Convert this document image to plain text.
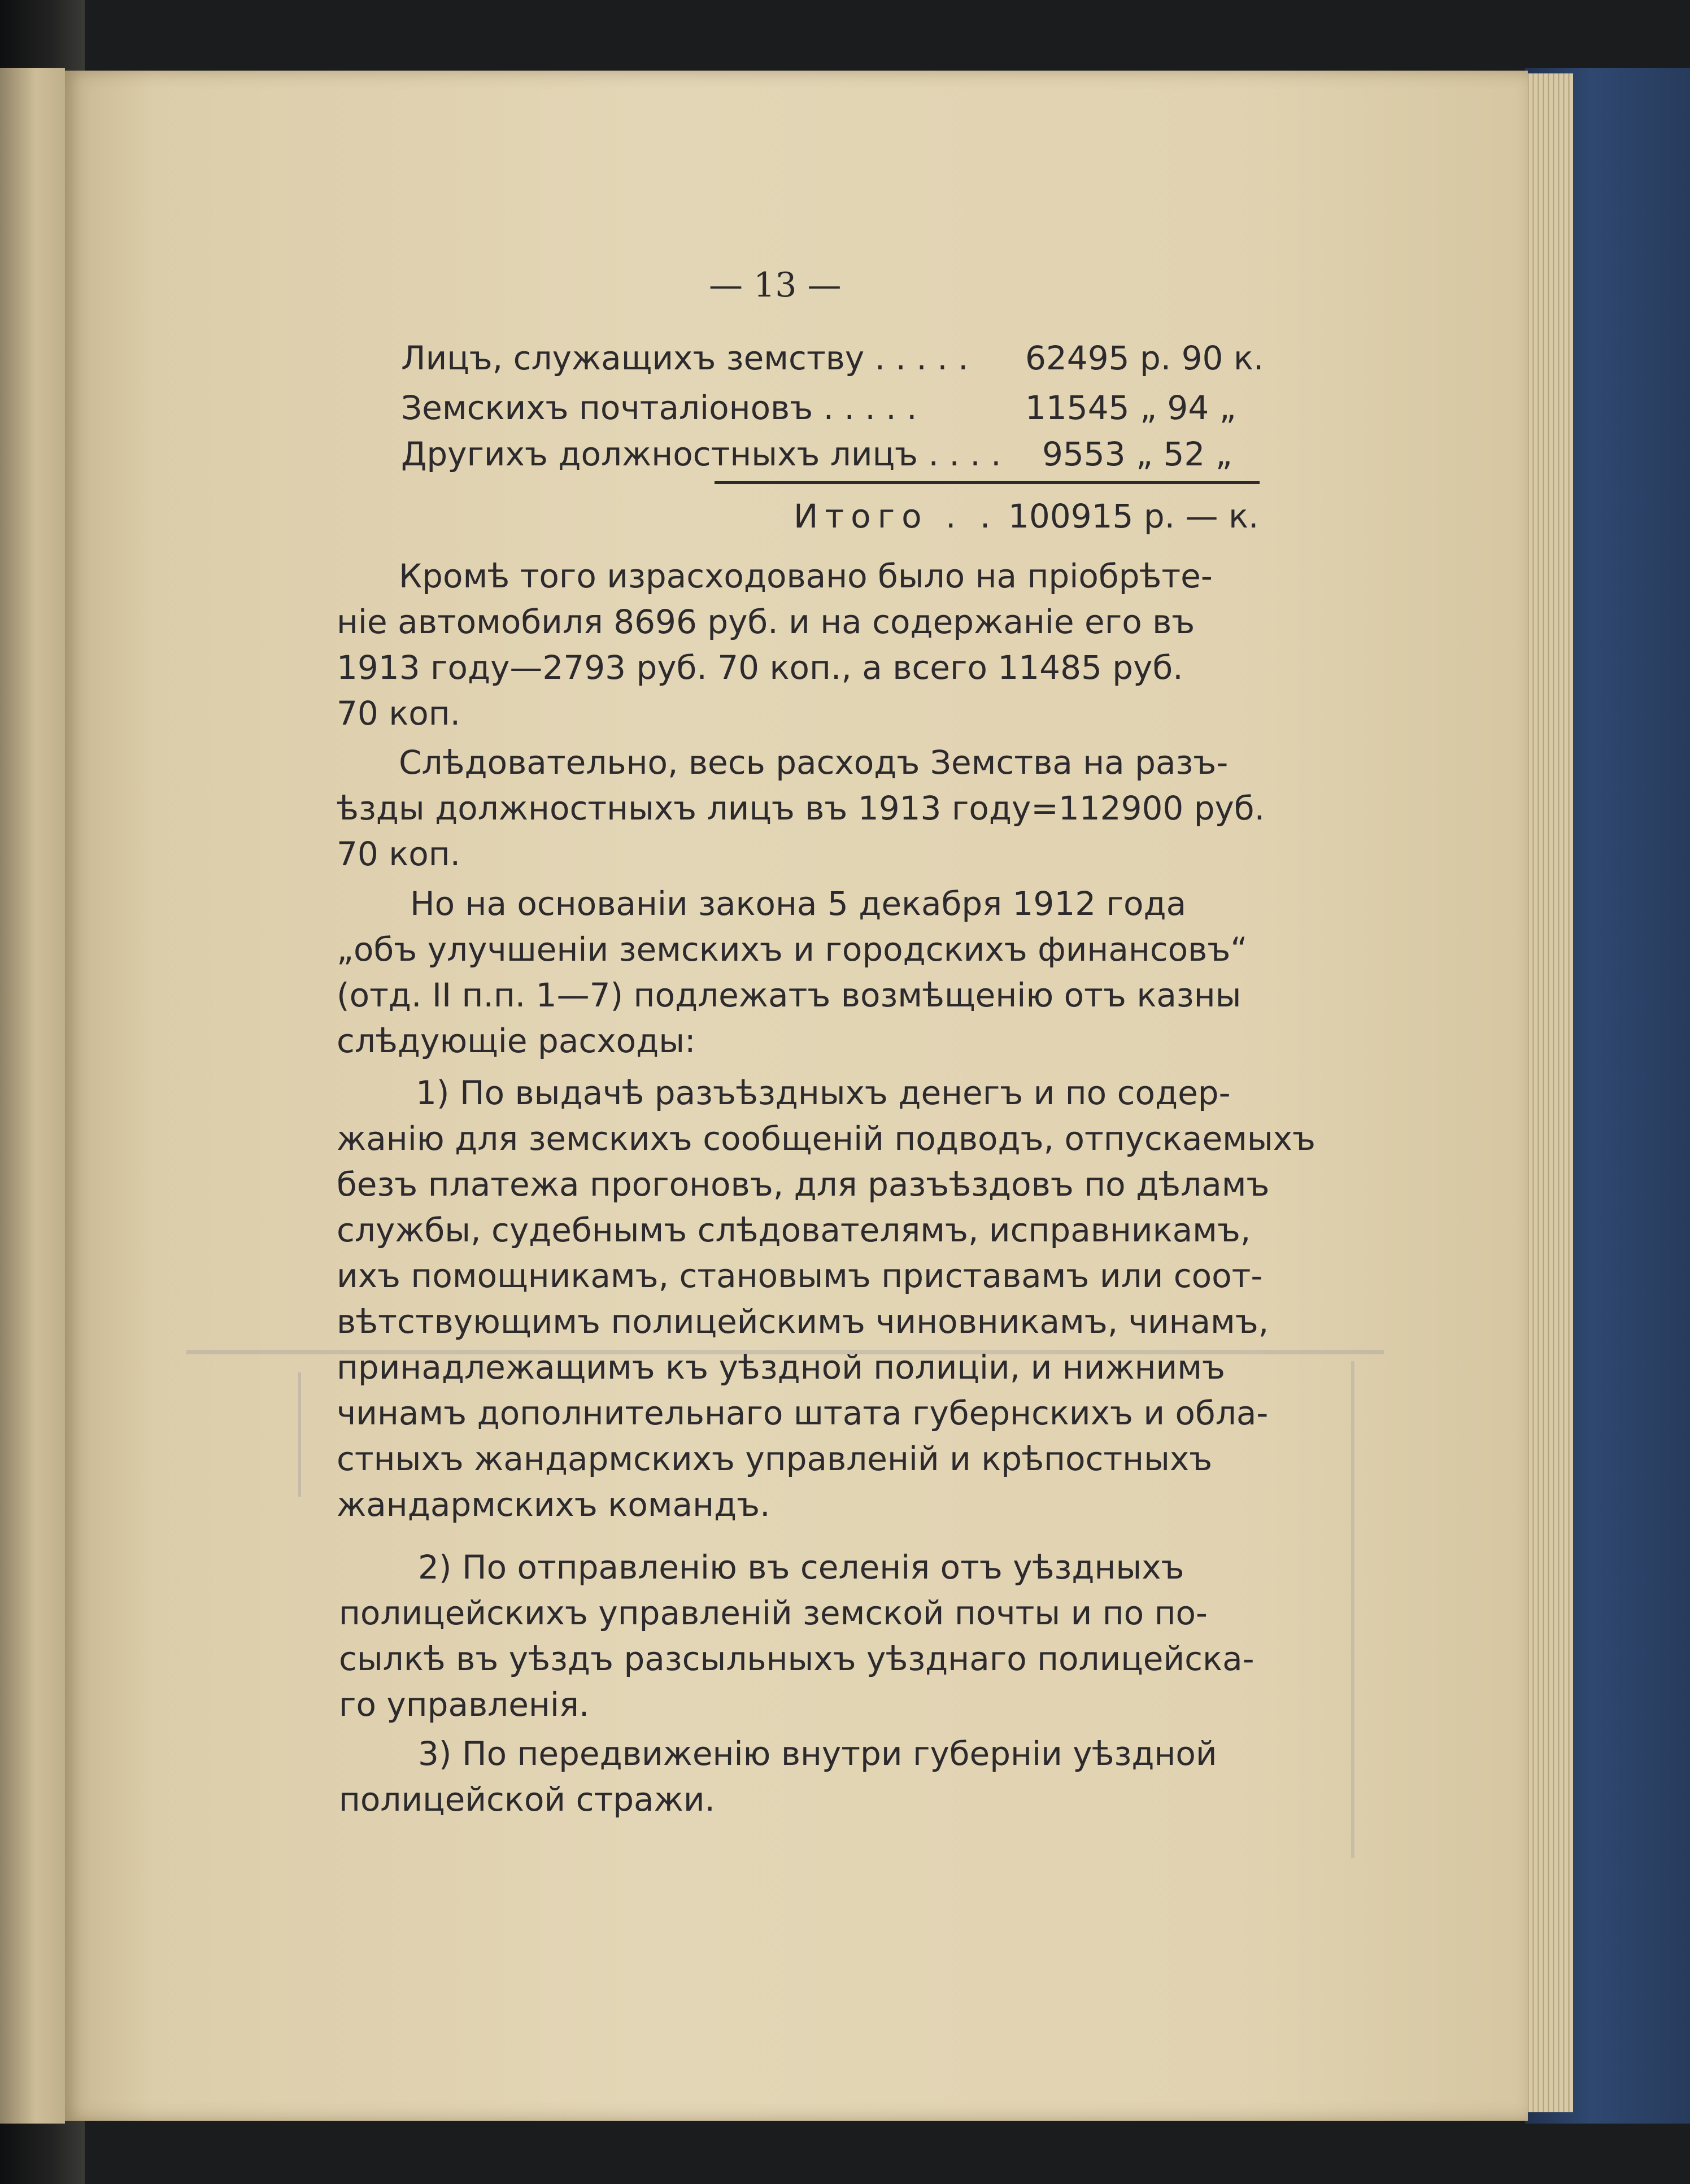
— 13 —
Лицъ, служащихъ земству . . . . . 62495 р. 90 к.
Земскихъ почталіоновъ . . . . .	11545 „ 94 „
Другихъ должностныхъ лицъ . . . . 9553 „ 52 „
Итого . . 100915 р. — к.
Кромѣ того израсходовано было на пріобрѣте-
ніе автомобиля 8696 руб. и на содержаніе его въ
1913 году—2793 руб. 70 коп., а всего 11485 руб.
70 коп.
Слѣдовательно, весь расходъ Земства на разъ-
ѣзды должностныхъ лицъ въ 1913 году=112900 руб.
70 коп.
Но на основаніи закона 5 декабря 1912 года
„объ улучшеніи земскихъ и городскихъ финансовъ“
(отд. II п.п. 1—7) подлежатъ возмѣщенію отъ казны
слѣдующіе расходы:
1) По выдачѣ разъѣздныхъ денегъ и по содер-
жанію для земскихъ сообщеній подводъ, отпускаемыхъ
безъ платежа прогоновъ, для разъѣздовъ по дѣламъ
службы, судебнымъ слѣдователямъ, исправникамъ,
ихъ помощникамъ, становымъ приставамъ или соот-
вѣтствующимъ полицейскимъ чиновникамъ, чинамъ,
принадлежащимъ къ уѣздной полиціи, и нижнимъ
чинамъ дополнительнаго штата губернскихъ и обла-
стныхъ жандармскихъ управленій и крѣпостныхъ
жандармскихъ командъ.
2) По отправленію въ селенія отъ уѣздныхъ
полицейскихъ управленій земской почты и по по-
сылкѣ въ уѣздъ разсыльныхъ уѣзднаго полицейска-
го управленія.
3) По передвиженію внутри губерніи уѣздной
полицейской стражи.
